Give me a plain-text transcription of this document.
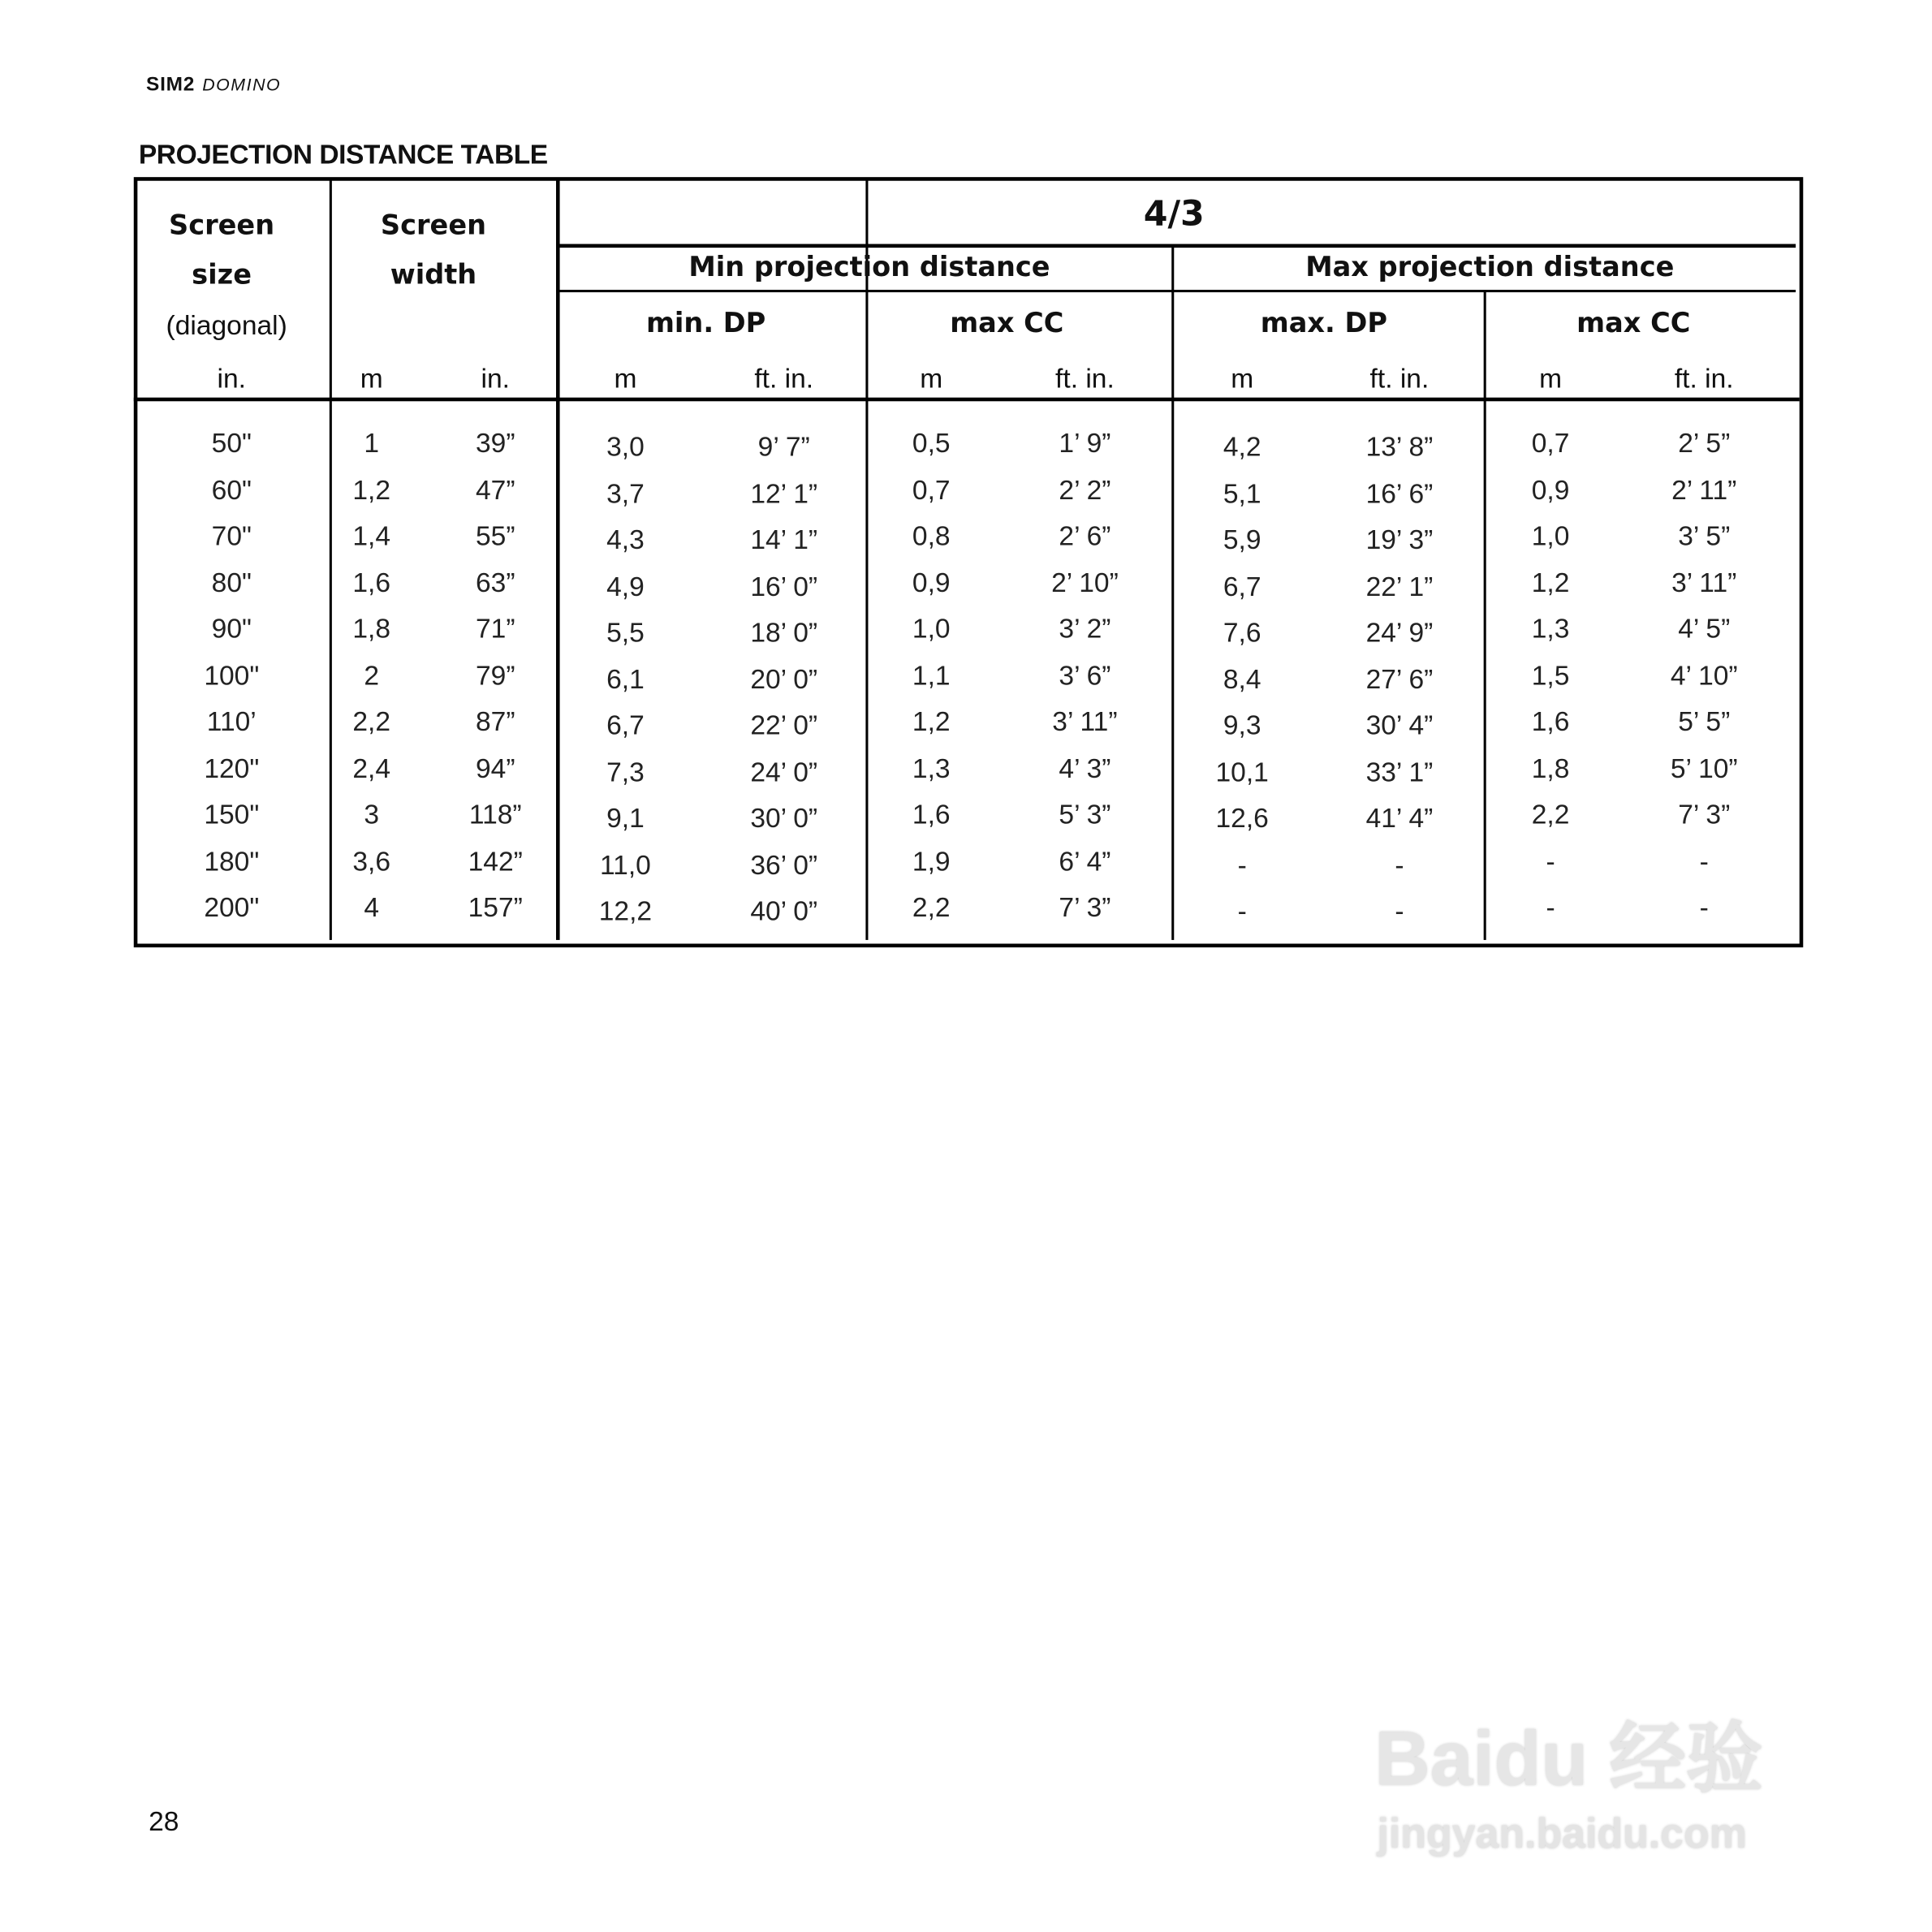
SIM2 DOMINO
PROJECTION DISTANCE TABLE
Baidu 经验
jingyan.baidu.com
28
Screen
size
(diagonal)
Screen
width
4/3
Min projection distance	Max projection distance
min. DP	max CC	max. DP	max CC
in.	m	in.	m	ft. in.	m	ft. in.	m	ft. in.	m	ft. in.
50"	1	39”	3,0	9’ 7”	0,5	1’ 9”	4,2	13’ 8”	0,7	2’ 5”
60"	1,2	47”	3,7	12’ 1”	0,7	2’ 2”	5,1	16’ 6”	0,9	2’ 11”
70"	1,4	55”	4,3	14’ 1”	0,8	2’ 6”	5,9	19’ 3”	1,0	3’ 5”
80"	1,6	63”	4,9	16’ 0”	0,9	2’ 10”	6,7	22’ 1”	1,2	3’ 11”
90"	1,8	71”	5,5	18’ 0”	1,0	3’ 2”	7,6	24’ 9”	1,3	4’ 5”
100"	2	79”	6,1	20’ 0”	1,1	3’ 6”	8,4	27’ 6”	1,5	4’ 10”
110’	2,2	87”	6,7	22’ 0”	1,2	3’ 11”	9,3	30’ 4”	1,6	5’ 5”
120"	2,4	94”	7,3	24’ 0”	1,3	4’ 3”	10,1	33’ 1”	1,8	5’ 10”
150"	3	118”	9,1	30’ 0”	1,6	5’ 3”	12,6	41’ 4”	2,2	7’ 3”
180"	3,6	142”	11,0	36’ 0”	1,9	6’ 4”	-	-	-	-
200"	4	157”	12,2	40’ 0”	2,2	7’ 3”	-	-	-	-
